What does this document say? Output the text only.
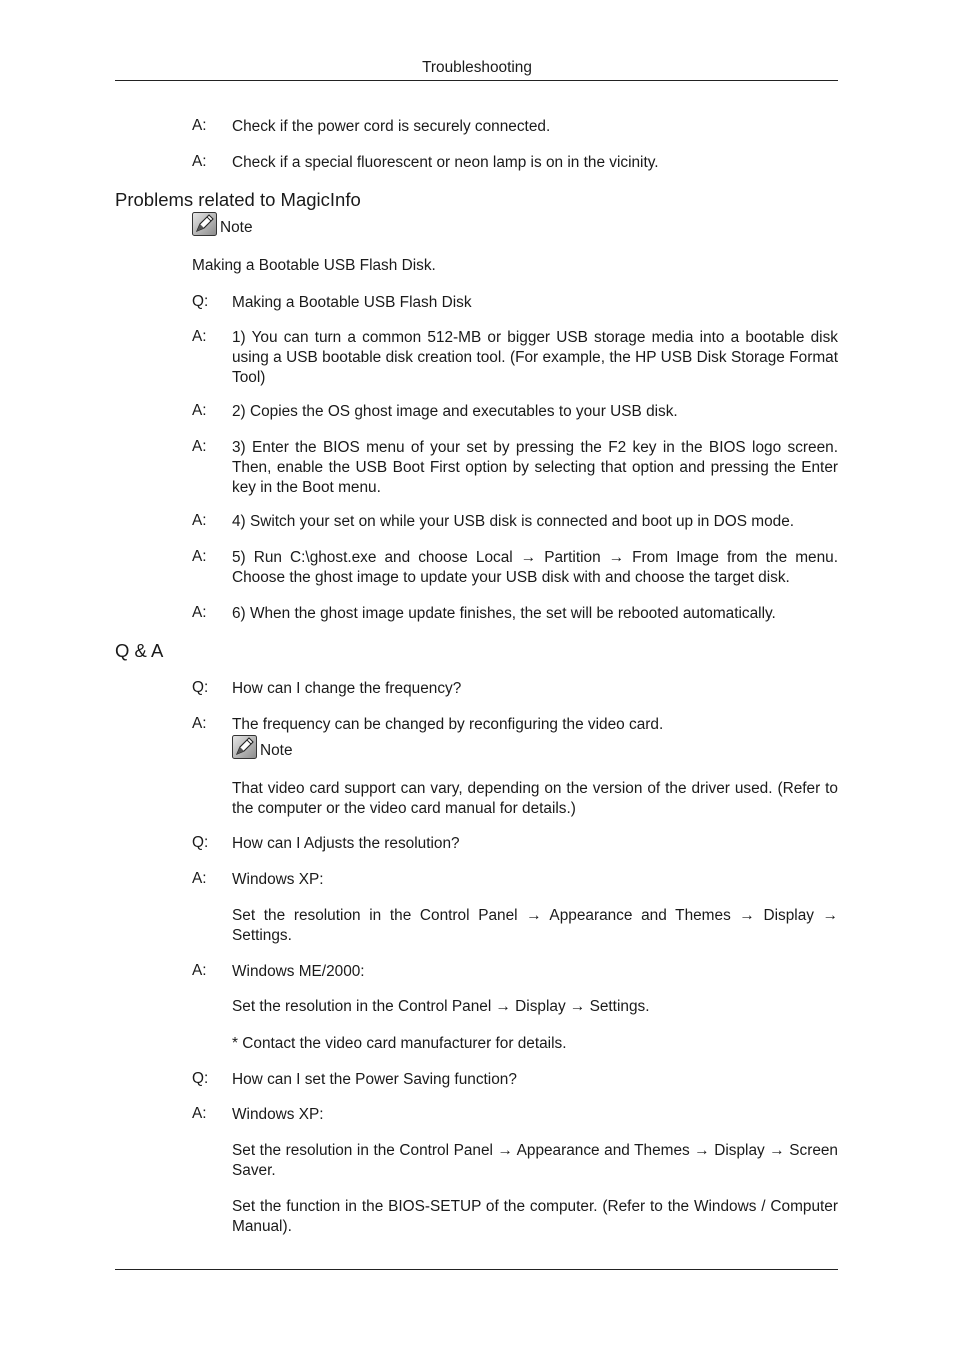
Troubleshooting
A: Check if the power cord is securely connected.
A: Check if a special fluorescent or neon lamp is on in the vicinity.
Problems related to MagicInfo
Note
Making a Bootable USB Flash Disk.
Q: Making a Bootable USB Flash Disk
A: 1) You can turn a common 512-MB or bigger USB storage media into a bootable disk using a USB bootable disk creation tool. (For example, the HP USB Disk Storage Format Tool)
A: 2) Copies the OS ghost image and executables to your USB disk.
A: 3) Enter the BIOS menu of your set by pressing the F2 key in the BIOS logo screen. Then, enable the USB Boot First option by selecting that option and pressing the Enter key in the Boot menu.
A: 4) Switch your set on while your USB disk is connected and boot up in DOS mode.
A: 5) Run C:\ghost.exe and choose Local → Partition → From Image from the menu. Choose the ghost image to update your USB disk with and choose the target disk.
A: 6) When the ghost image update finishes, the set will be rebooted automatically.
Q & A
Q: How can I change the frequency?
A: The frequency can be changed by reconfiguring the video card.
Note
That video card support can vary, depending on the version of the driver used. (Refer to the computer or the video card manual for details.)
Q: How can I Adjusts the resolution?
A: Windows XP:
Set the resolution in the Control Panel → Appearance and Themes → Display → Settings.
A: Windows ME/2000:
Set the resolution in the Control Panel → Display → Settings.
* Contact the video card manufacturer for details.
Q: How can I set the Power Saving function?
A: Windows XP:
Set the resolution in the Control Panel → Appearance and Themes → Display → Screen Saver.
Set the function in the BIOS-SETUP of the computer. (Refer to the Windows / Computer Manual).
